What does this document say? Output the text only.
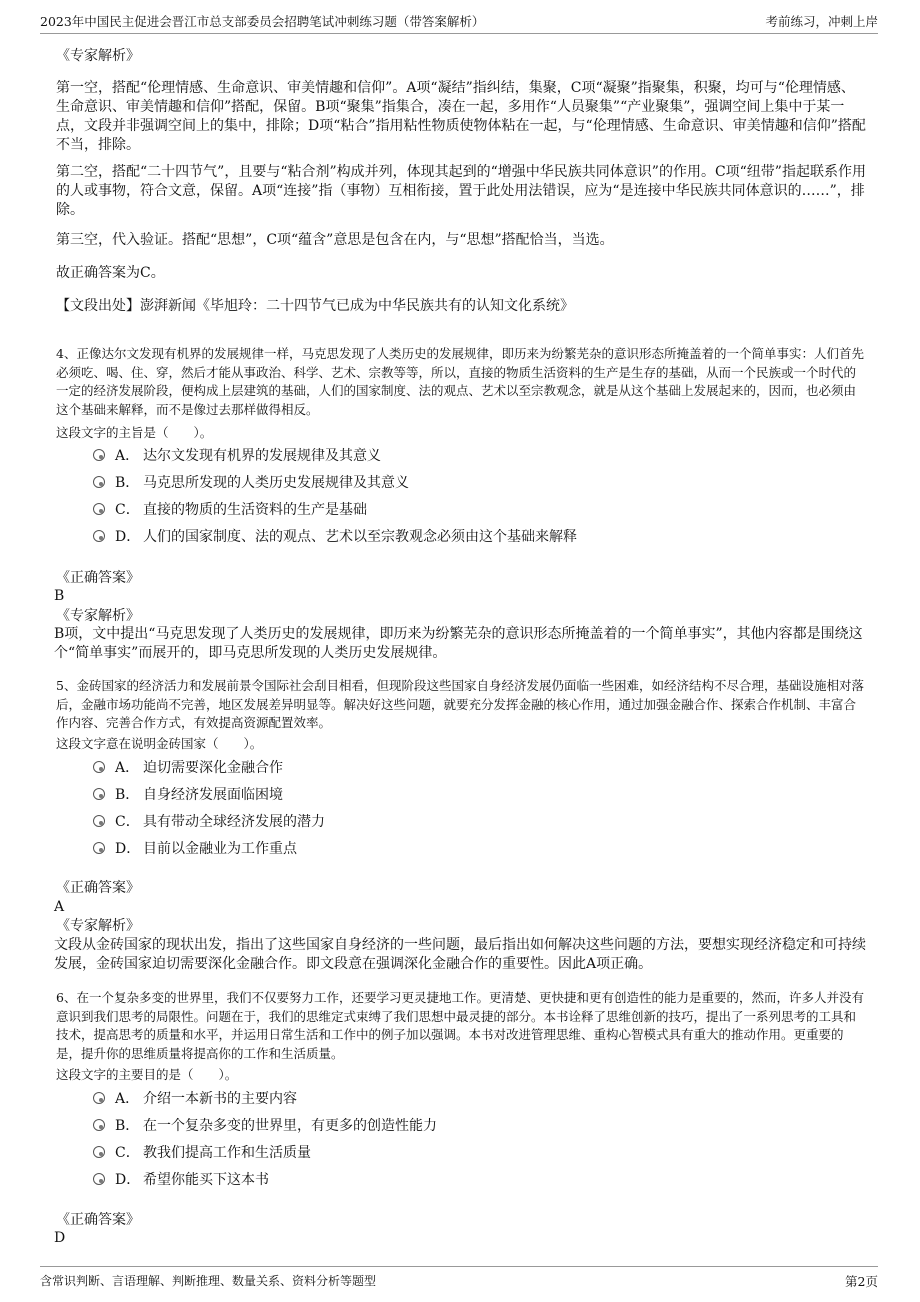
2023年中国民主促进会晋江市总支部委员会招聘笔试冲刺练习题（带答案解析）	考前练习，冲刺上岸
《专家解析》
第一空，搭配“伦理情感、生命意识、审美情趣和信仰”。A项“凝结”指纠结，集聚，C项“凝聚”指聚集，积聚，均可与“伦理情感、生命意识、审美情趣和信仰”搭配，保留。B项“聚集”指集合，凑在一起，多用作“人员聚集”“产业聚集”，强调空间上集中于某一点，文段并非强调空间上的集中，排除；D项“粘合”指用粘性物质使物体粘在一起，与“伦理情感、生命意识、审美情趣和信仰”搭配不当，排除。
第二空，搭配“二十四节气”，且要与“粘合剂”构成并列，体现其起到的“增强中华民族共同体意识”的作用。C项“纽带”指起联系作用的人或事物，符合文意，保留。A项“连接”指（事物）互相衔接，置于此处用法错误，应为“是连接中华民族共同体意识的……”，排除。
第三空，代入验证。搭配“思想”，C项“蕴含”意思是包含在内，与“思想”搭配恰当，当选。
故正确答案为C。
【文段出处】澎湃新闻《毕旭玲：二十四节气已成为中华民族共有的认知文化系统》
4、正像达尔文发现有机界的发展规律一样，马克思发现了人类历史的发展规律，即历来为纷繁芜杂的意识形态所掩盖着的一个简单事实：人们首先必须吃、喝、住、穿，然后才能从事政治、科学、艺术、宗教等等，所以，直接的物质生活资料的生产是生存的基础，从而一个民族或一个时代的一定的经济发展阶段，便构成上层建筑的基础，人们的国家制度、法的观点、艺术以至宗教观念，就是从这个基础上发展起来的，因而，也必须由这个基础来解释，而不是像过去那样做得相反。
这段文字的主旨是（　　）。
A． 达尔文发现有机界的发展规律及其意义
B． 马克思所发现的人类历史发展规律及其意义
C． 直接的物质的生活资料的生产是基础
D． 人们的国家制度、法的观点、艺术以至宗教观念必须由这个基础来解释
《正确答案》
B
《专家解析》
B项，文中提出“马克思发现了人类历史的发展规律，即历来为纷繁芜杂的意识形态所掩盖着的一个简单事实”，其他内容都是围绕这个“简单事实”而展开的，即马克思所发现的人类历史发展规律。
5、金砖国家的经济活力和发展前景令国际社会刮目相看，但现阶段这些国家自身经济发展仍面临一些困难，如经济结构不尽合理，基础设施相对落后，金融市场功能尚不完善，地区发展差异明显等。解决好这些问题，就要充分发挥金融的核心作用，通过加强金融合作、探索合作机制、丰富合作内容、完善合作方式，有效提高资源配置效率。
这段文字意在说明金砖国家（　　）。
A． 迫切需要深化金融合作
B． 自身经济发展面临困境
C． 具有带动全球经济发展的潜力
D． 目前以金融业为工作重点
《正确答案》
A
《专家解析》
文段从金砖国家的现状出发，指出了这些国家自身经济的一些问题，最后指出如何解决这些问题的方法，要想实现经济稳定和可持续发展，金砖国家迫切需要深化金融合作。即文段意在强调深化金融合作的重要性。因此A项正确。
6、在一个复杂多变的世界里，我们不仅要努力工作，还要学习更灵捷地工作。更清楚、更快捷和更有创造性的能力是重要的，然而，许多人并没有意识到我们思考的局限性。问题在于，我们的思维定式束缚了我们思想中最灵捷的部分。本书诠释了思维创新的技巧，提出了一系列思考的工具和技术，提高思考的质量和水平，并运用日常生活和工作中的例子加以强调。本书对改进管理思维、重构心智模式具有重大的推动作用。更重要的是，提升你的思维质量将提高你的工作和生活质量。
这段文字的主要目的是（　　）。
A． 介绍一本新书的主要内容
B． 在一个复杂多变的世界里，有更多的创造性能力
C． 教我们提高工作和生活质量
D． 希望你能买下这本书
《正确答案》
D
含常识判断、言语理解、判断推理、数量关系、资料分析等题型	第2页
